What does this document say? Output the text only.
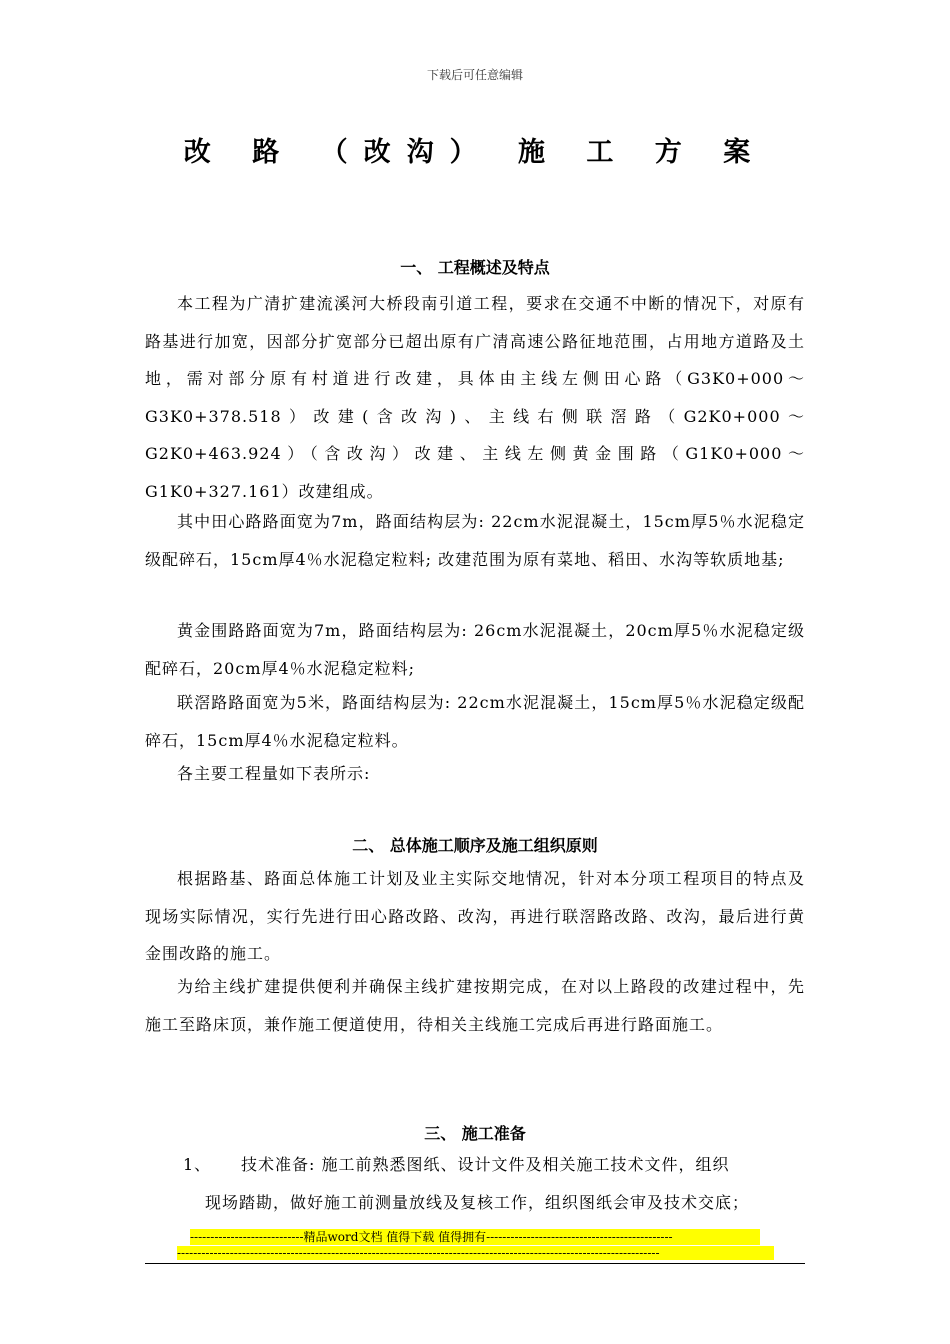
下载后可任意编辑
改 路 （改沟） 施 工 方 案
一、 工程概述及特点

本工程为广清扩建流溪河大桥段南引道工程，要求在交通不中断的情况下，对原有路基进行加宽，因部分扩宽部分已超出原有广清高速公路征地范围，占用地方道路及土地，需对部分原有村道进行改建，具体由主线左侧田心路（G3K0+000～G3K0+378.518）改建(含改沟)、主线右侧联滘路（G2K0+000～G2K0+463.924）（含改沟）改建、主线左侧黄金围路（G1K0+000～G1K0+327.161）改建组成。

其中田心路路面宽为7m，路面结构层为: 22cm水泥混凝土，15cm厚5％水泥稳定级配碎石，15cm厚4％水泥稳定粒料; 改建范围为原有菜地、稻田、水沟等软质地基;

黄金围路路面宽为7m，路面结构层为: 26cm水泥混凝土，20cm厚5％水泥稳定级配碎石，20cm厚4％水泥稳定粒料;

联滘路路面宽为5米，路面结构层为: 22cm水泥混凝土，15cm厚5％水泥稳定级配碎石，15cm厚4％水泥稳定粒料。

各主要工程量如下表所示:

二、 总体施工顺序及施工组织原则

根据路基、路面总体施工计划及业主实际交地情况，针对本分项工程项目的特点及现场实际情况，实行先进行田心路改路、改沟，再进行联滘路改路、改沟，最后进行黄金围改路的施工。

为给主线扩建提供便利并确保主线扩建按期完成，在对以上路段的改建过程中，先施工至路床顶，兼作施工便道使用，待相关主线施工完成后再进行路面施工。

三、 施工准备
1、 技术准备: 施工前熟悉图纸、设计文件及相关施工技术文件，组织
现场踏勘，做好施工前测量放线及复核工作，组织图纸会审及技术交底；
----------------------------精品word文档 值得下载 值得拥有----------------------------------------------
-----------------------------------------------------------------------------------------------------------------------
